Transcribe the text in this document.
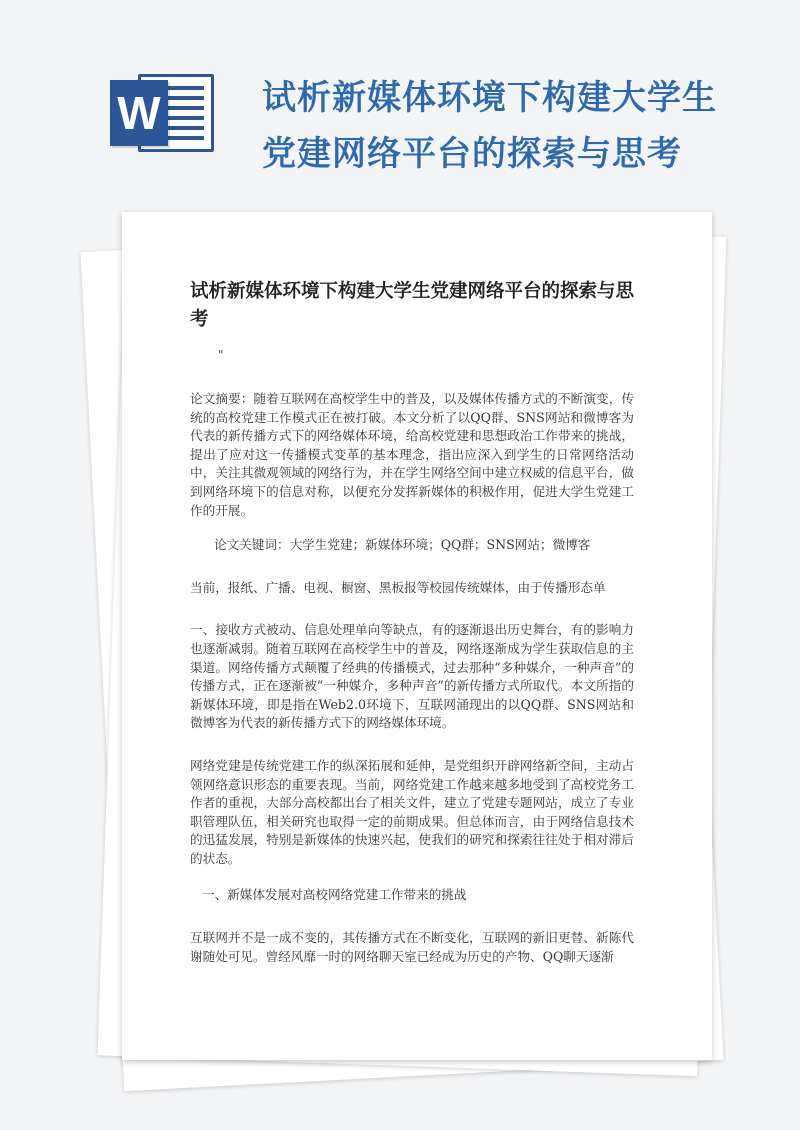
W	试析新媒体环境下构建大学生
党建网络平台的探索与思考

试析新媒体环境下构建大学生党建网络平台的探索与思考

"

论文摘要：随着互联网在高校学生中的普及，以及媒体传播方式的不断演变，传统的高校党建工作模式正在被打破。本文分析了以QQ群、SNS网站和微博客为代表的新传播方式下的网络媒体环境，给高校党建和思想政治工作带来的挑战，提出了应对这一传播模式变革的基本理念，指出应深入到学生的日常网络活动中，关注其微观领域的网络行为，并在学生网络空间中建立权威的信息平台，做到网络环境下的信息对称，以便充分发挥新媒体的积极作用，促进大学生党建工作的开展。

论文关键词：大学生党建；新媒体环境；QQ群；SNS网站；微博客

当前，报纸、广播、电视、橱窗、黑板报等校园传统媒体，由于传播形态单

一、接收方式被动、信息处理单向等缺点，有的逐渐退出历史舞台，有的影响力也逐渐减弱。随着互联网在高校学生中的普及，网络逐渐成为学生获取信息的主渠道。网络传播方式颠覆了经典的传播模式，过去那种“多种媒介，一种声音”的传播方式，正在逐渐被“一种媒介，多种声音”的新传播方式所取代。本文所指的新媒体环境，即是指在Web2.0环境下，互联网涌现出的以QQ群、SNS网站和微博客为代表的新传播方式下的网络媒体环境。

网络党建是传统党建工作的纵深拓展和延伸，是党组织开辟网络新空间，主动占领网络意识形态的重要表现。当前，网络党建工作越来越多地受到了高校党务工作者的重视，大部分高校都出台了相关文件，建立了党建专题网站，成立了专业职管理队伍，相关研究也取得一定的前期成果。但总体而言，由于网络信息技术的迅猛发展，特别是新媒体的快速兴起，使我们的研究和探索往往处于相对滞后的状态。

一、新媒体发展对高校网络党建工作带来的挑战

互联网并不是一成不变的，其传播方式在不断变化，互联网的新旧更替、新陈代谢随处可见。曾经风靡一时的网络聊天室已经成为历史的产物、QQ聊天逐渐
